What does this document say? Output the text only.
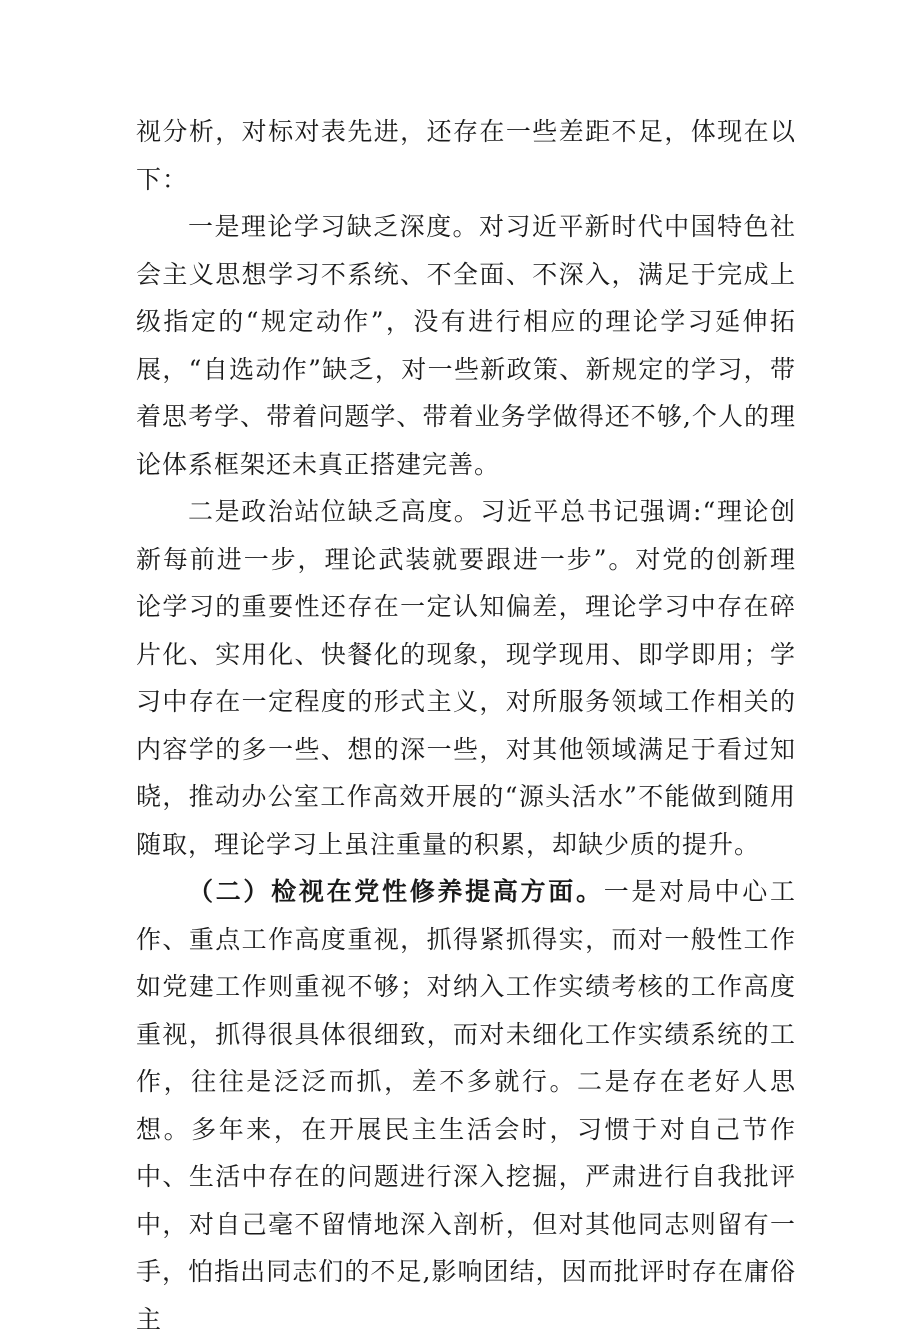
视分析，对标对表先进，还存在一些差距不足，体现在以下：

一是理论学习缺乏深度。对习近平新时代中国特色社会主义思想学习不系统、不全面、不深入，满足于完成上级指定的“规定动作”，没有进行相应的理论学习延伸拓展，“自选动作”缺乏，对一些新政策、新规定的学习，带着思考学、带着问题学、带着业务学做得还不够,个人的理论体系框架还未真正搭建完善。

二是政治站位缺乏高度。习近平总书记强调:“理论创新每前进一步，理论武装就要跟进一步”。对党的创新理论学习的重要性还存在一定认知偏差，理论学习中存在碎片化、实用化、快餐化的现象，现学现用、即学即用；学习中存在一定程度的形式主义，对所服务领域工作相关的内容学的多一些、想的深一些，对其他领域满足于看过知晓，推动办公室工作高效开展的“源头活水”不能做到随用随取，理论学习上虽注重量的积累，却缺少质的提升。

（二）检视在党性修养提高方面。一是对局中心工作、重点工作高度重视，抓得紧抓得实，而对一般性工作如党建工作则重视不够；对纳入工作实绩考核的工作高度重视，抓得很具体很细致，而对未细化工作实绩系统的工作，往往是泛泛而抓，差不多就行。二是存在老好人思想。多年来，在开展民主生活会时，习惯于对自己节作中、生活中存在的问题进行深入挖掘，严肃进行自我批评中，对自己毫不留情地深入剖析，但对其他同志则留有一手，怕指出同志们的不足,影响团结，因而批评时存在庸俗主
